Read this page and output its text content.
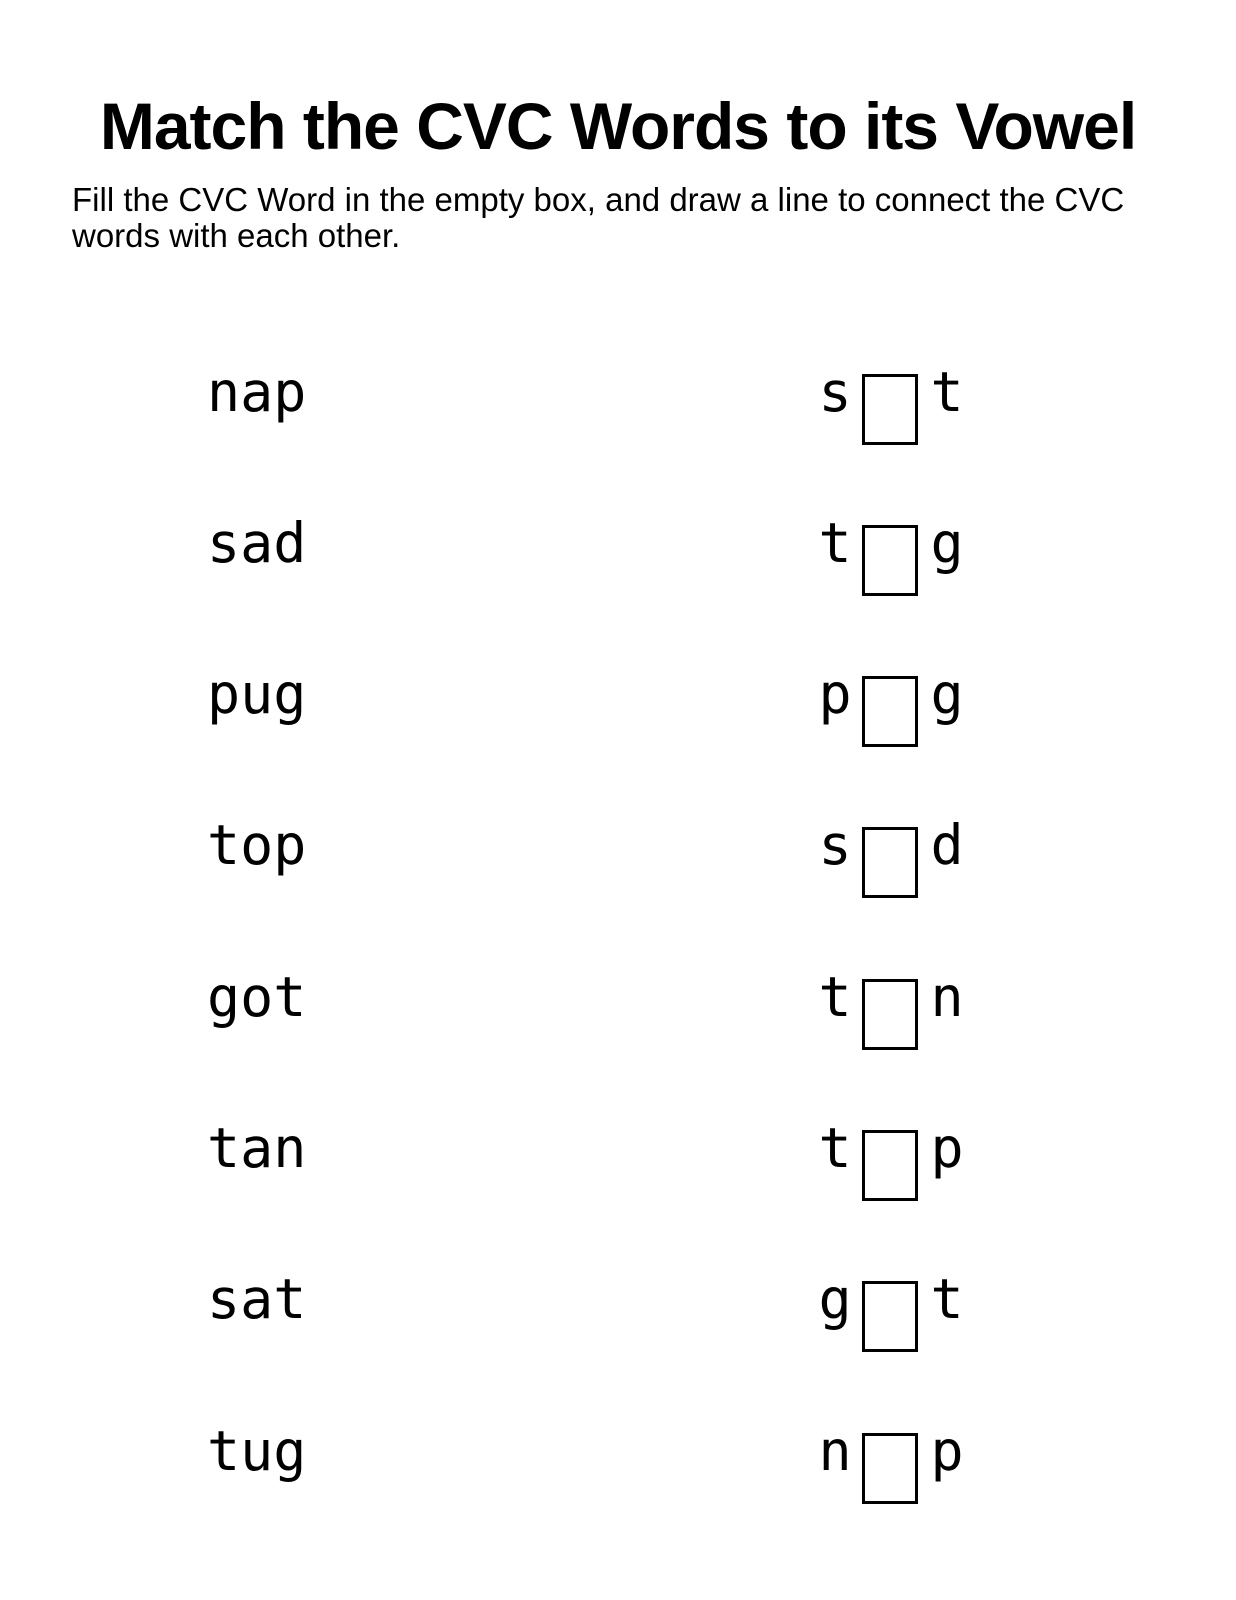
Match the CVC Words to its Vowel

Fill the CVC Word in the empty box, and draw a line to connect the CVC words with each other.

nap
sad
pug
top
got
tan
sat
tug
s t
t g
p g
s d
t n
t p
g t
n p
